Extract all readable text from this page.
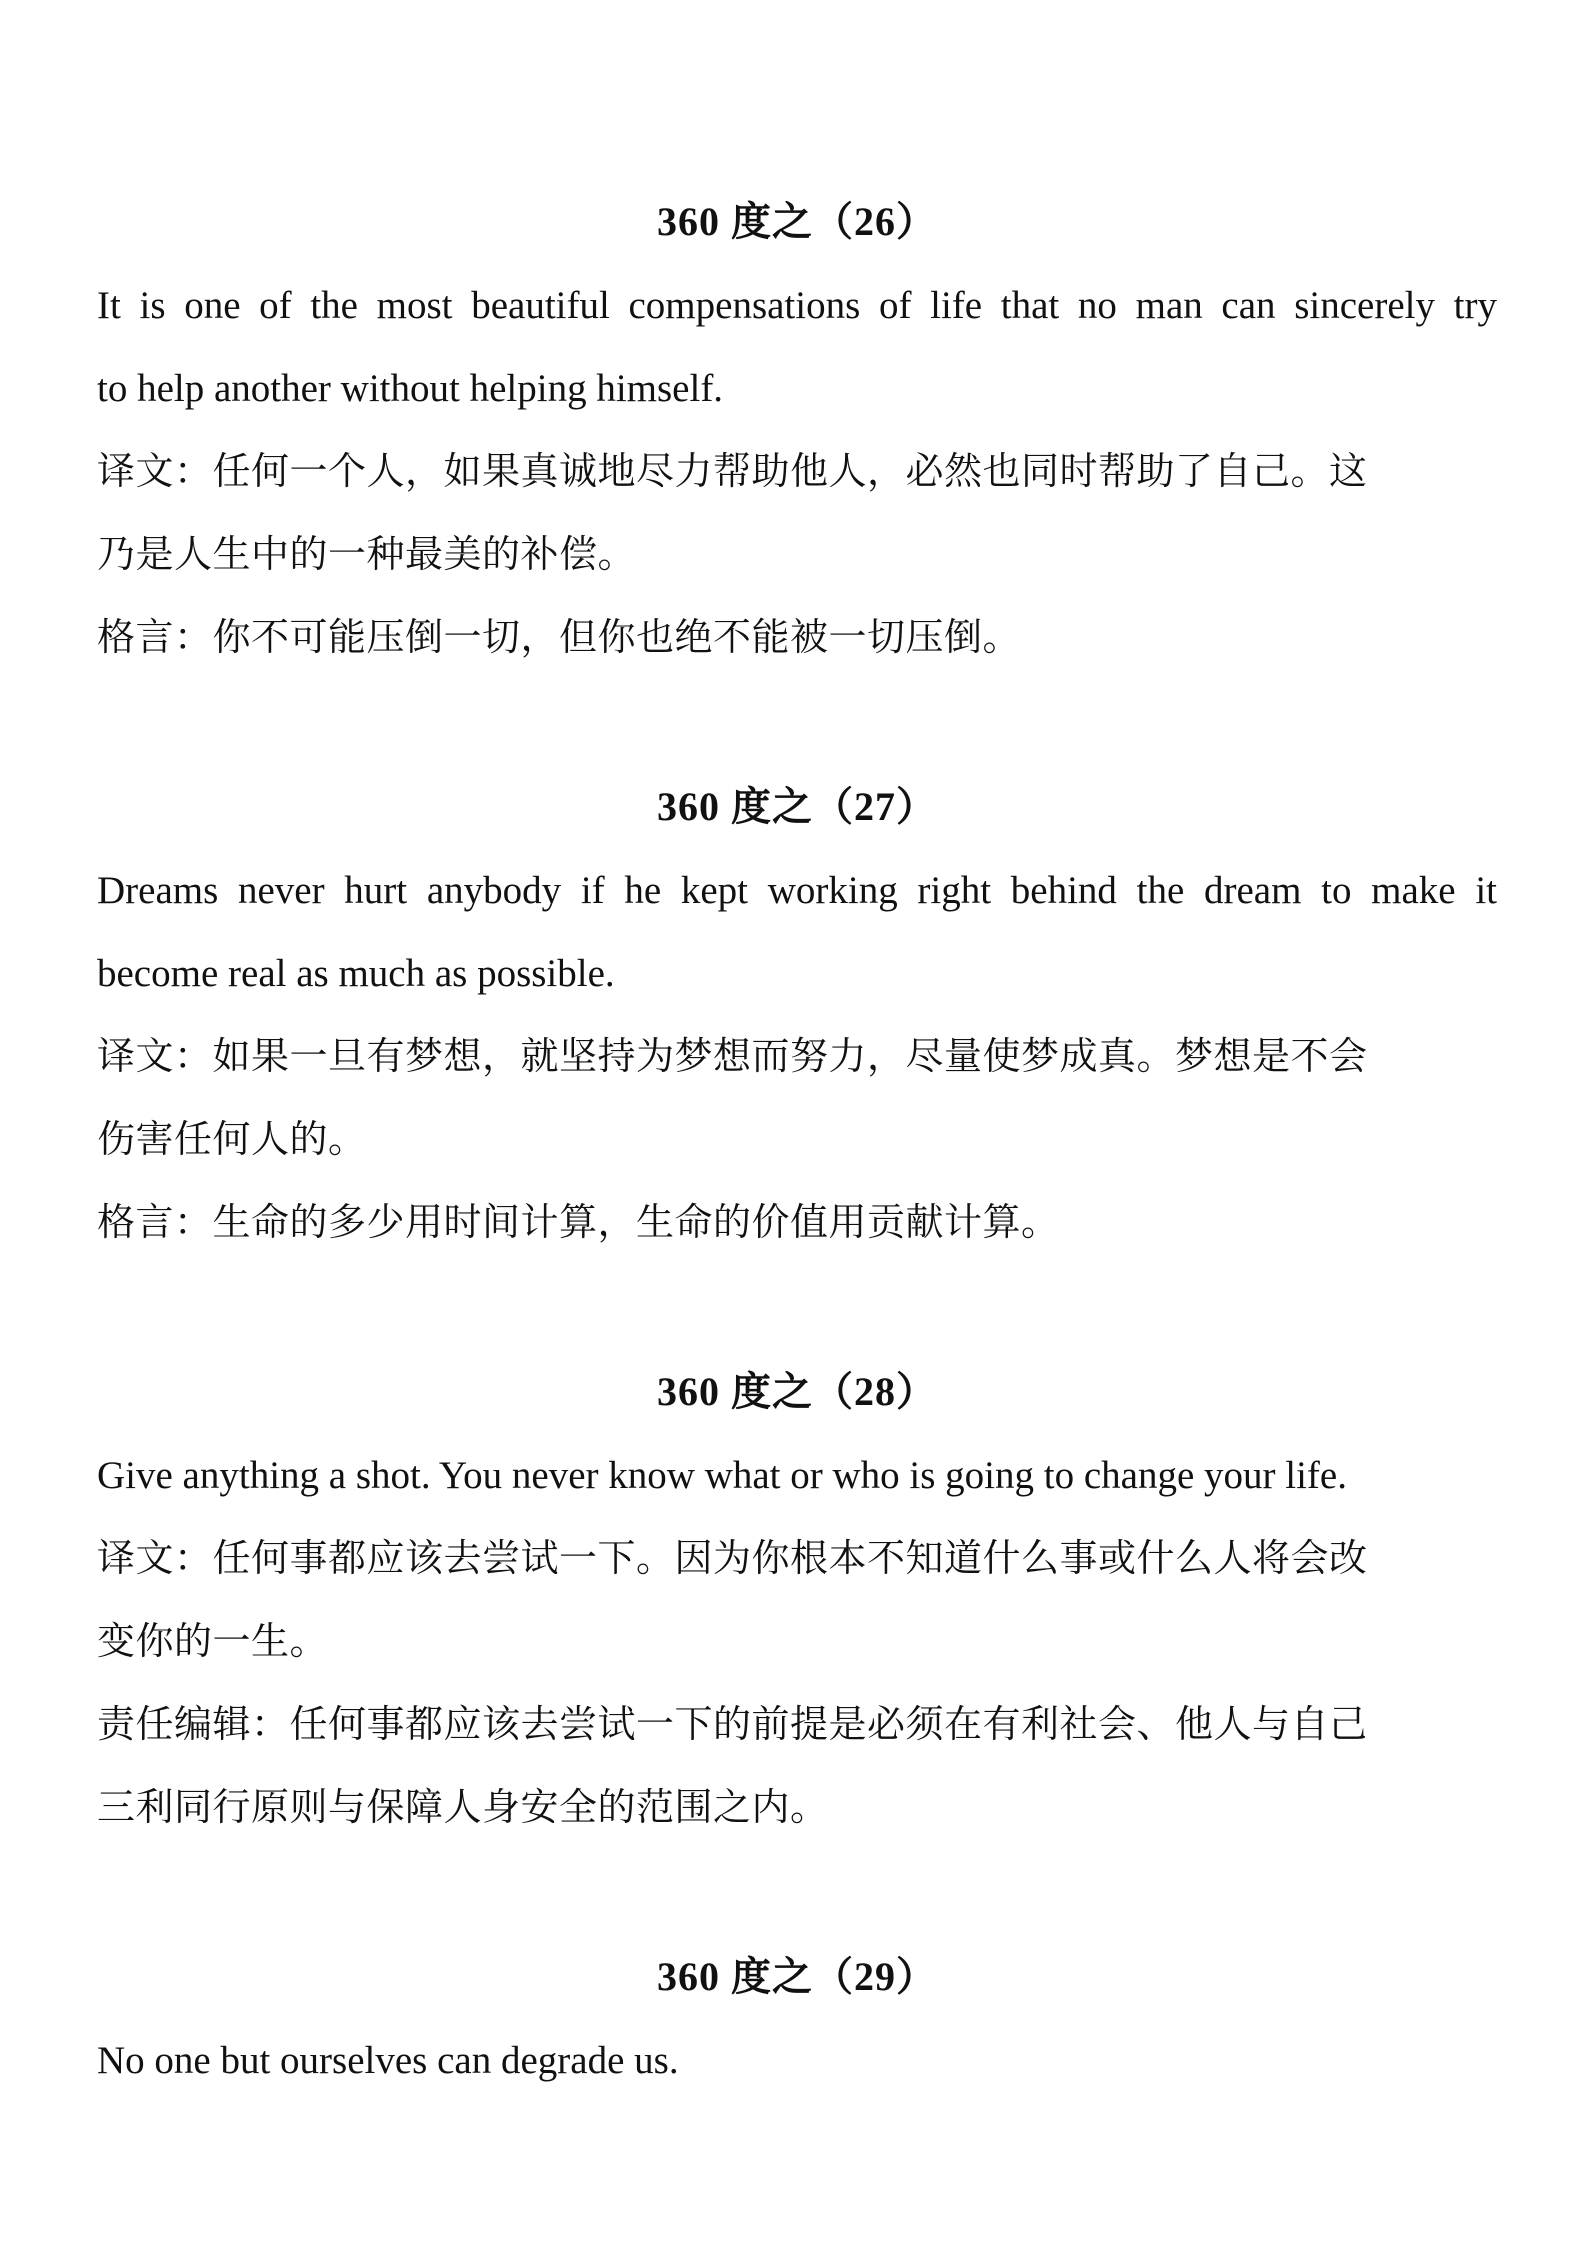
360 度之（26）
It is one of the most beautiful compensations of life that no man can sincerely try
to help another without helping himself.
译文：任何一个人，如果真诚地尽力帮助他人，必然也同时帮助了自己。这
乃是人生中的一种最美的补偿。
格言：你不可能压倒一切，但你也绝不能被一切压倒。
360 度之（27）
Dreams never hurt anybody if he kept working right behind the dream to make it
become real as much as possible.
译文：如果一旦有梦想，就坚持为梦想而努力，尽量使梦成真。梦想是不会
伤害任何人的。
格言：生命的多少用时间计算，生命的价值用贡献计算。
360 度之（28）
Give anything a shot. You never know what or who is going to change your life.
译文：任何事都应该去尝试一下。因为你根本不知道什么事或什么人将会改
变你的一生。
责任编辑：任何事都应该去尝试一下的前提是必须在有利社会、他人与自己
三利同行原则与保障人身安全的范围之内。
360 度之（29）
No one but ourselves can degrade us.
